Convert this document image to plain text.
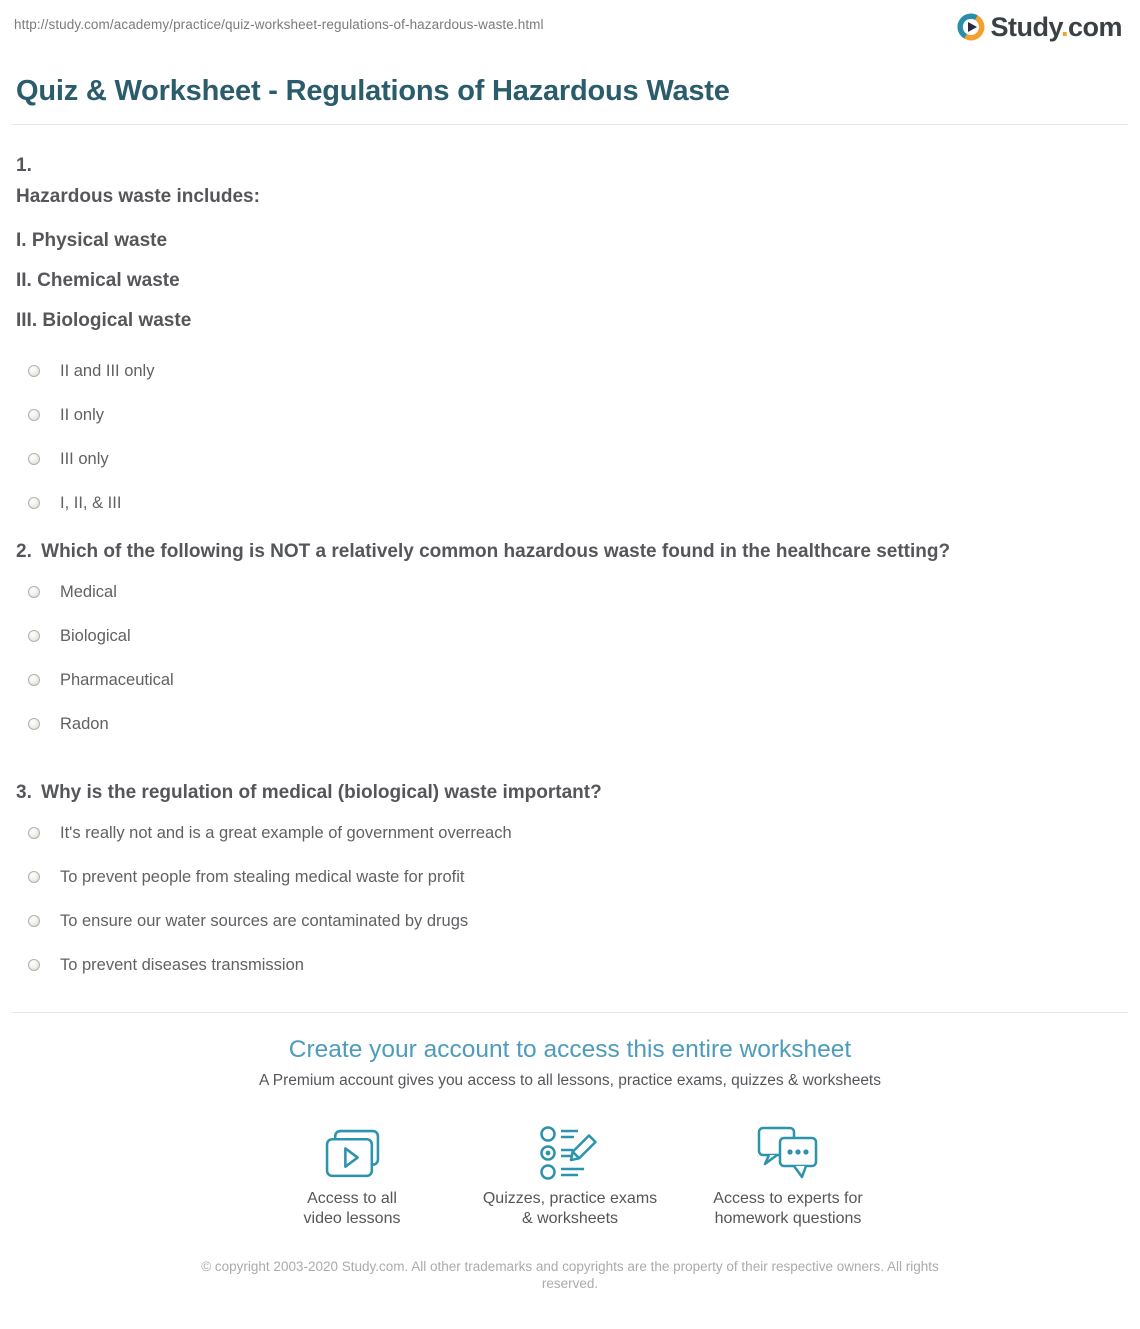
http://study.com/academy/practice/quiz-worksheet-regulations-of-hazardous-waste.html	Study.com
Quiz & Worksheet - Regulations of Hazardous Waste
1.
Hazardous waste includes:

I. Physical waste

II. Chemical waste

III. Biological waste

II and III only
II only
III only
I, II, & III
2. Which of the following is NOT a relatively common hazardous waste found in the healthcare setting?
Medical
Biological
Pharmaceutical
Radon
3. Why is the regulation of medical (biological) waste important?
It's really not and is a great example of government overreach
To prevent people from stealing medical waste for profit
To ensure our water sources are contaminated by drugs
To prevent diseases transmission
Create your account to access this entire worksheet
A Premium account gives you access to all lessons, practice exams, quizzes & worksheets
Access to all
video lessons
Quizzes, practice exams
& worksheets
Access to experts for
homework questions
© copyright 2003-2020 Study.com. All other trademarks and copyrights are the property of their respective owners. All rights reserved.
